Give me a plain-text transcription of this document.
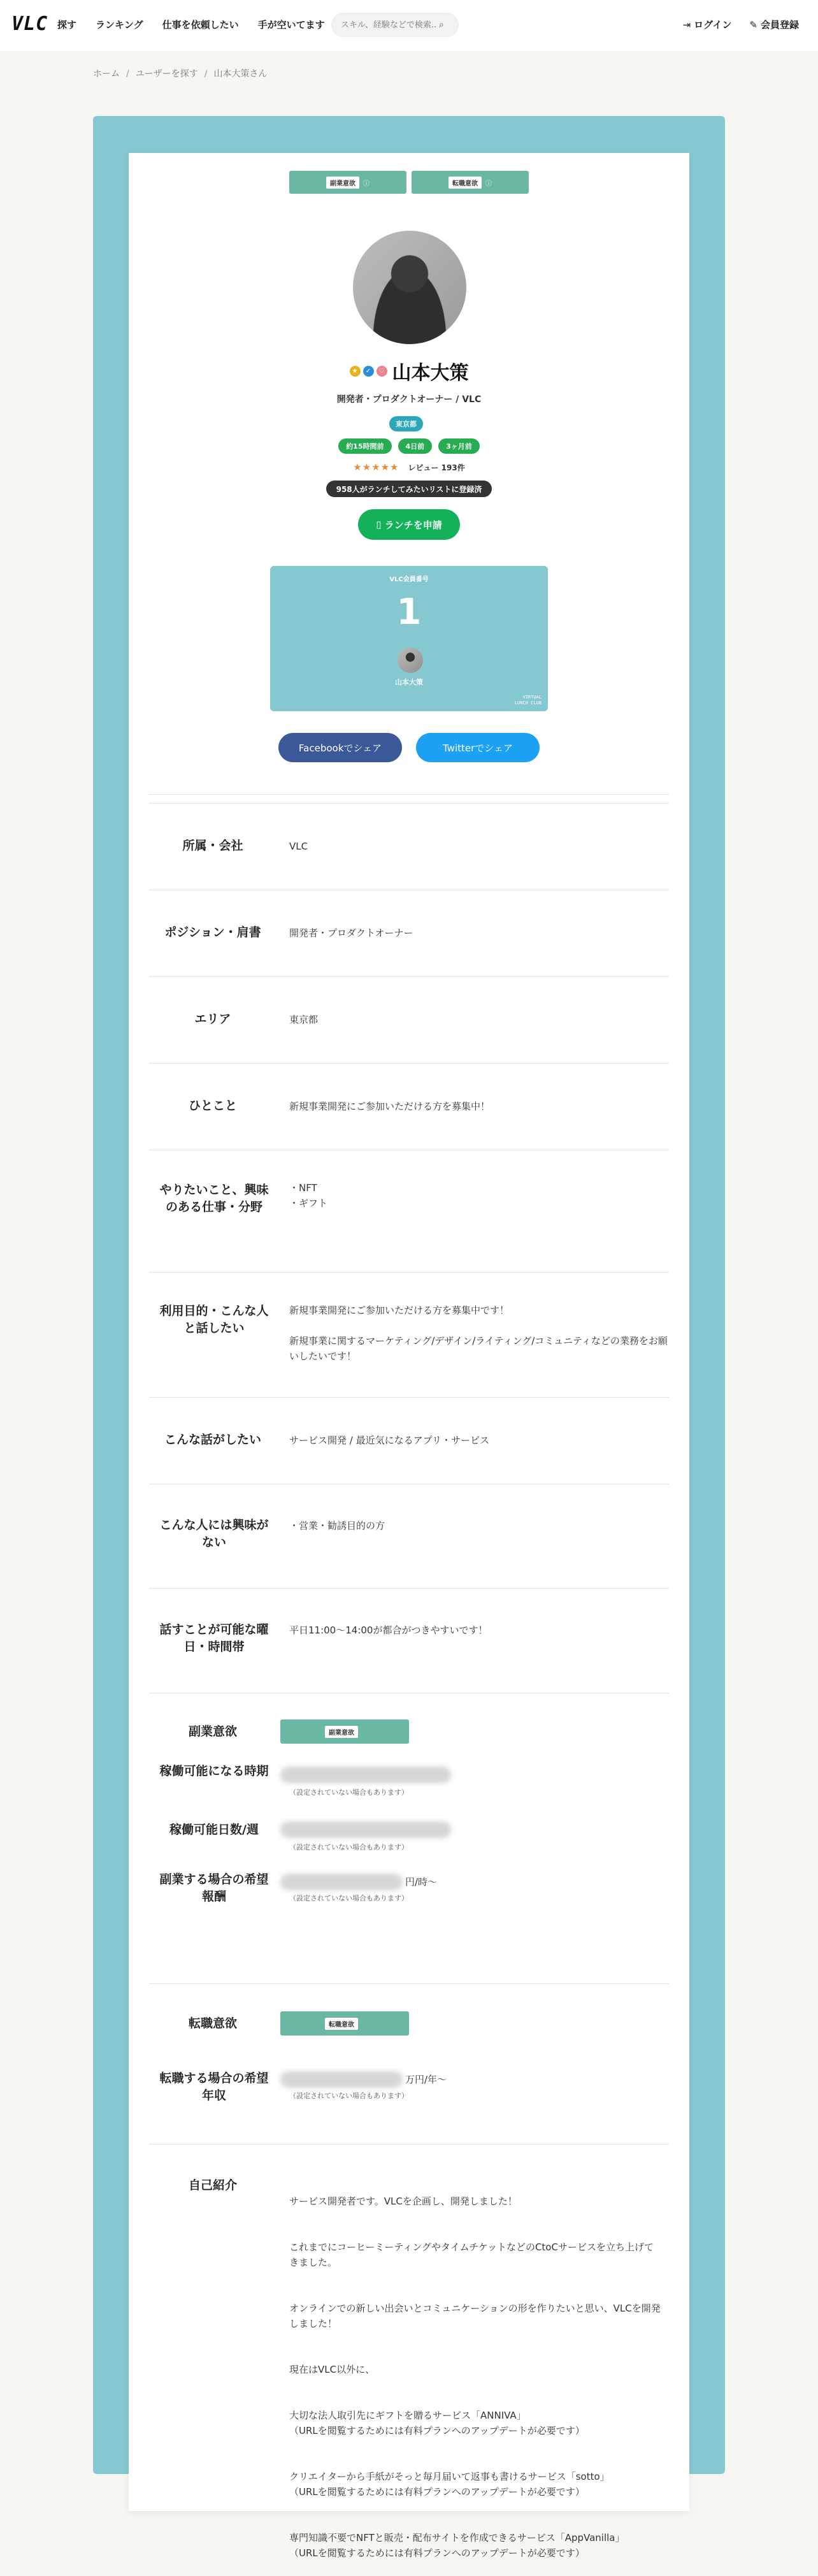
VLC 探す ランキング 仕事を依頼したい 手が空いてます
スキル、経験などで検索...	⌕	⇥ ログイン ✎ 会員登録
ホーム / ユーザーを探す / 山本大策さん
副業意欲	ⓘ	転職意欲	ⓘ
★	✓	♡ 山本大策
開発者・プロダクトオーナー / VLC
東京都
約15時間前	4日前	3ヶ月前
★★★★★ レビュー 193件
958人がランチしてみたいリストに登録済
▯ ランチを申請
VLC会員番号
1
山本大策
VIRTUAL
LUNCH CLUB
Facebookでシェア	Twitterでシェア
所属・会社	VLC
ポジション・肩書	開発者・プロダクトオーナー
エリア	東京都
ひとこと	新規事業開発にご参加いただける方を募集中！
やりたいこと、興味のある仕事・分野
・NFT
・ギフト
利用目的・こんな人と話したい
新規事業開発にご参加いただける方を募集中です！

新規事業に関するマーケティング/デザイン/ライティング/コミュニティなどの業務をお願いしたいです！
こんな話がしたい	サービス開発 / 最近気になるアプリ・サービス
こんな人には興味がない
・営業・勧誘目的の方
話すことが可能な曜日・時間帯
平日11:00〜14:00が都合がつきやすいです！
副業意欲	副業意欲
稼働可能になる時期
（設定されていない場合もあります）
稼働可能日数/週
（設定されていない場合もあります）
副業する場合の希望報酬
円/時〜
（設定されていない場合もあります）
転職意欲	転職意欲
転職する場合の希望年収
万円/年〜
（設定されていない場合もあります）
自己紹介

サービス開発者です。VLCを企画し、開発しました！

これまでにコーヒーミーティングやタイムチケットなどのCtoCサービスを立ち上げてきました。

オンラインでの新しい出会いとコミュニケーションの形を作りたいと思い、VLCを開発しました！

現在はVLC以外に、

大切な法人取引先にギフトを贈るサービス「ANNIVA」
（URLを閲覧するためには有料プランへのアップデートが必要です）

クリエイターから手紙がそっと毎月届いて返事も書けるサービス「sotto」
（URLを閲覧するためには有料プランへのアップデートが必要です）

専門知識不要でNFTと販売・配布サイトを作成できるサービス「AppVanilla」
（URLを閲覧するためには有料プランへのアップデートが必要です）
